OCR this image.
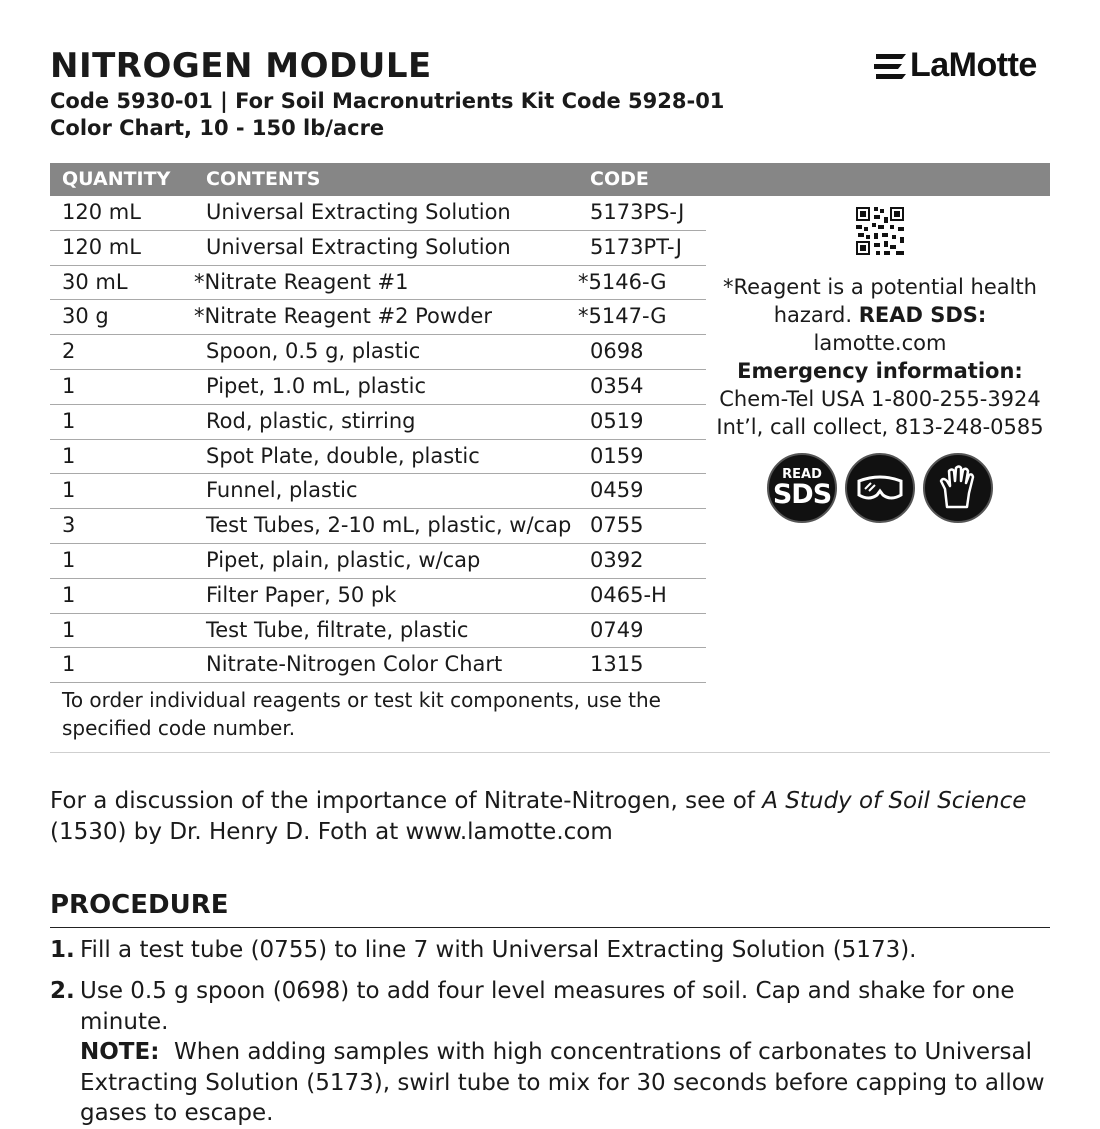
NITROGEN MODULE
Code 5930-01 | For Soil Macronutrients Kit Code 5928-01
Color Chart, 10 - 150 lb/acre
LaMotte
QUANTITY CONTENTS	CODE
120 mL	Universal Extracting Solution	5173PS-J
120 mL	Universal Extracting Solution	5173PT-J
30 mL	*Nitrate Reagent #1	*5146-G
30 g	*Nitrate Reagent #2 Powder	*5147-G
2	Spoon, 0.5 g, plastic	0698
1	Pipet, 1.0 mL, plastic	0354
1	Rod, plastic, stirring	0519
1	Spot Plate, double, plastic	0159
1	Funnel, plastic	0459
3	Test Tubes, 2-10 mL, plastic, w/cap 0755
1	Pipet, plain, plastic, w/cap	0392
1	Filter Paper, 50 pk	0465-H
1	Test Tube, filtrate, plastic	0749
1	Nitrate-Nitrogen Color Chart	1315
To order individual reagents or test kit components, use the specified code number.

*Reagent is a potential health

hazard. READ SDS: lamotte.com

Emergency information:

Chem-Tel USA 1-800-255-3924

Int’l, call collect, 813-248-0585

READ
SDS
For a discussion of the importance of Nitrate-Nitrogen, see of A Study of Soil Science
(1530) by Dr. Henry D. Foth at www.lamotte.com
PROCEDURE
1. Fill a test tube (0755) to line 7 with Universal Extracting Solution (5173).
2. Use 0.5 g spoon (0698) to add four level measures of soil. Cap and shake for one minute.
NOTE: When adding samples with high concentrations of carbonates to Universal Extracting Solution (5173), swirl tube to mix for 30 seconds before capping to allow gases to escape.
